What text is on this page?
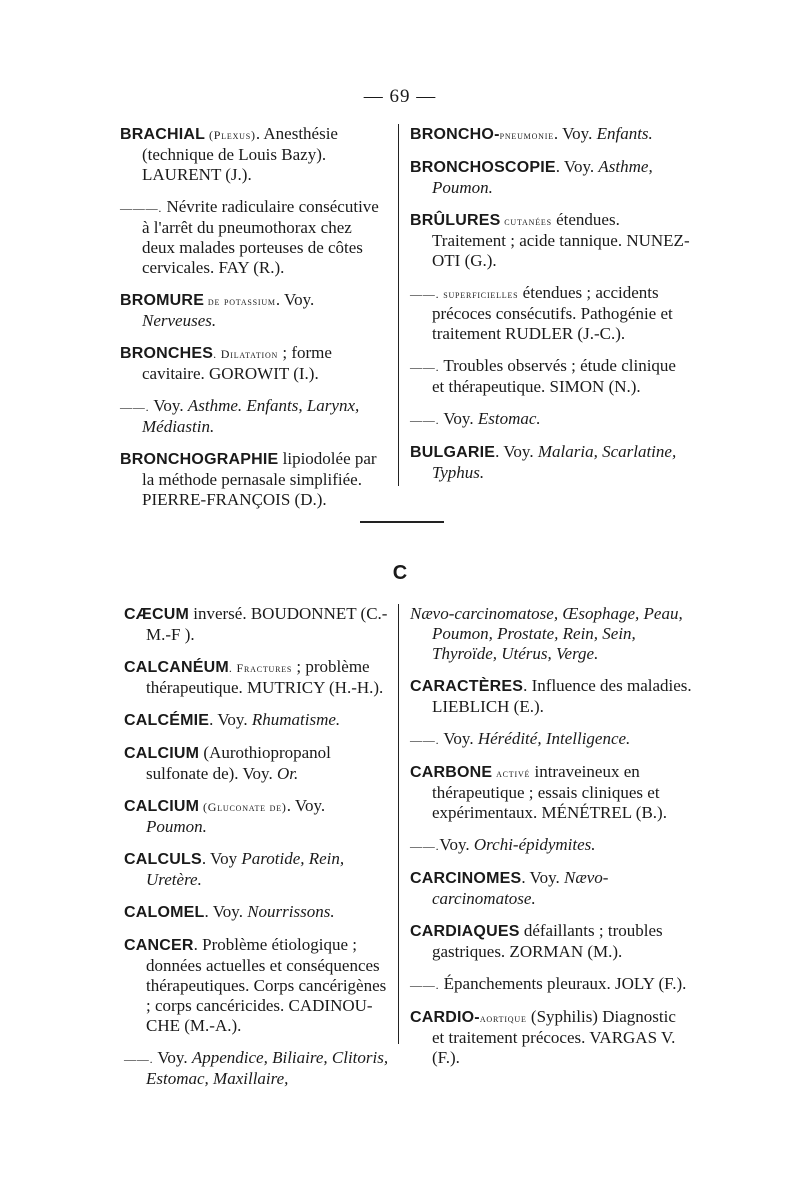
— 69 —
BRACHIAL (Plexus). Anesthésie (technique de Louis Bazy). LAURENT (J.).
———. Névrite radiculaire consécutive à l'arrêt du pneumothorax chez deux malades porteuses de côtes cervicales. FAY (R.).
BROMURE de potassium. Voy. Nerveuses.
BRONCHES. Dilatation ; forme cavitaire. GOROWIT (I.).
——. Voy. Asthme. Enfants, Larynx, Médiastin.
BRONCHOGRAPHIE lipiodolée par la méthode pernasale simplifiée. PIERRE-FRANÇOIS (D.).
BRONCHO-pneumonie. Voy. Enfants.
BRONCHOSCOPIE. Voy. Asthme, Poumon.
BRÛLURES cutanées étendues. Traitement ; acide tannique. NUNEZ-OTI (G.).
——. superficielles étendues ; accidents précoces consécutifs. Pathogénie et traitement RUDLER (J.-C.).
——. Troubles observés ; étude clinique et thérapeutique. SIMON (N.).
——. Voy. Estomac.
BULGARIE. Voy. Malaria, Scarlatine, Typhus.
C
CÆCUM inversé. BOUDONNET (C.-M.-F ).
CALCANÉUM. Fractures ; problème thérapeutique. MUTRICY (H.-H.).
CALCÉMIE. Voy. Rhumatisme.
CALCIUM (Aurothiopropanol sulfonate de). Voy. Or.
CALCIUM (Gluconate de). Voy. Poumon.
CALCULS. Voy Parotide, Rein, Uretère.
CALOMEL. Voy. Nourrissons.
CANCER. Problème étiologique ; données actuelles et conséquences thérapeutiques. Corps cancérigènes ; corps cancéricides. CADINOU-CHE (M.-A.).
——. Voy. Appendice, Biliaire, Clitoris, Estomac, Maxillaire,
Nævo-carcinomatose, Œsophage, Peau, Poumon, Prostate, Rein, Sein, Thyroïde, Utérus, Verge.
CARACTÈRES. Influence des maladies. LIEBLICH (E.).
——. Voy. Hérédité, Intelligence.
CARBONE activé intraveineux en thérapeutique ; essais cliniques et expérimentaux. MÉNÉTREL (B.).
——.Voy. Orchi-épidymites.
CARCINOMES. Voy. Nævo-carcinomatose.
CARDIAQUES défaillants ; troubles gastriques. ZORMAN (M.).
——. Épanchements pleuraux. JOLY (F.).
CARDIO-aortique (Syphilis) Diagnostic et traitement précoces. VARGAS V. (F.).
